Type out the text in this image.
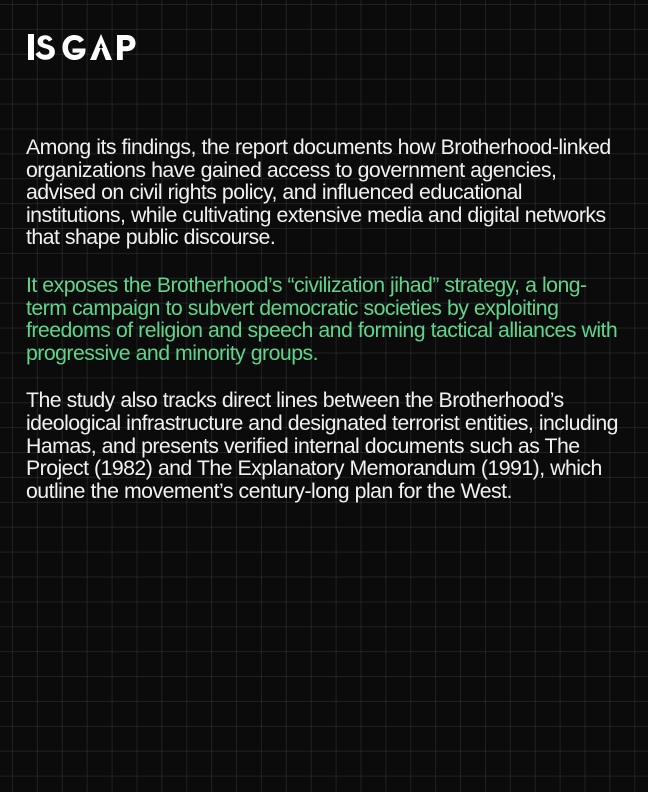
Among its findings, the report documents how Brotherhood-linked organizations have gained access to government agencies, advised on civil rights policy, and influenced educational institutions, while cultivating extensive media and digital networks that shape public discourse.

It exposes the Brotherhood’s “civilization jihad” strategy, a long-term campaign to subvert democratic societies by exploiting freedoms of religion and speech and forming tactical alliances with progressive and minority groups.

The study also tracks direct lines between the Brotherhood’s ideological infrastructure and designated terrorist entities, including Hamas, and presents verified internal documents such as The Project (1982) and The Explanatory Memorandum (1991), which outline the movement’s century-long plan for the West.
